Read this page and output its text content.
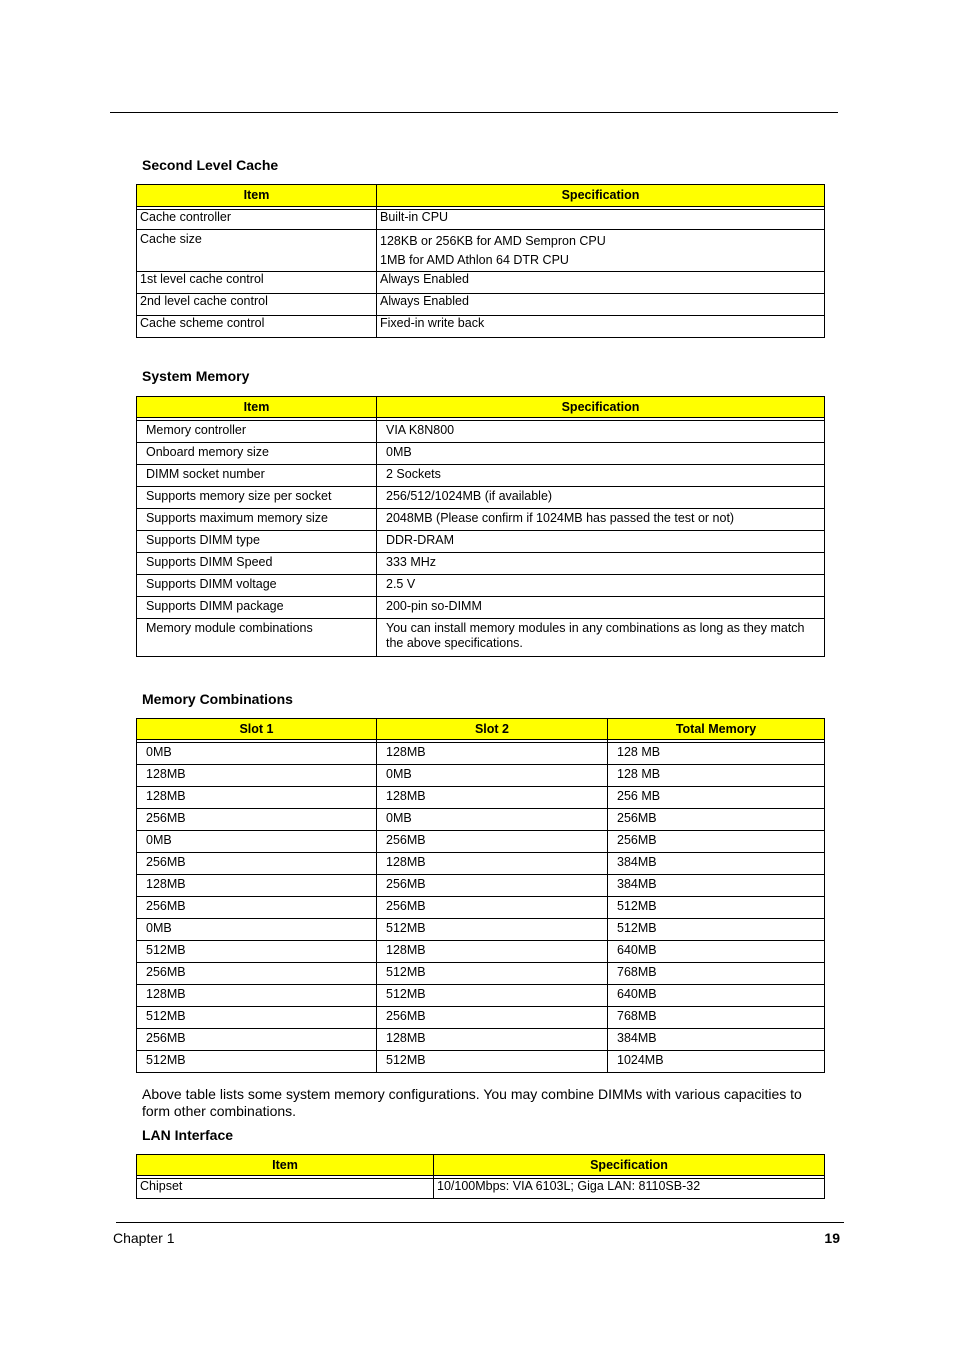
Second Level Cache
Item	Specification

Cache controller	Built-in CPU
Cache size	128KB or 256KB for AMD Sempron CPU
1MB for AMD Athlon 64 DTR CPU

1st level cache control	Always Enabled
2nd level cache control	Always Enabled
Cache scheme control	Fixed-in write back
System Memory
Item	Specification

Memory controller	VIA K8N800
Onboard memory size	0MB
DIMM socket number	2 Sockets
Supports memory size per socket	256/512/1024MB (if available)
Supports maximum memory size	2048MB (Please confirm if 1024MB has passed the test or not)
Supports DIMM type	DDR-DRAM
Supports DIMM Speed	333 MHz
Supports DIMM voltage	2.5 V
Supports DIMM package	200-pin so-DIMM
Memory module combinations	You can install memory modules in any combinations as long as they match the above specifications.
Memory Combinations
Slot 1	Slot 2	Total Memory

0MB	128MB	128 MB
128MB	0MB	128 MB
128MB	128MB	256 MB
256MB	0MB	256MB
0MB	256MB	256MB
256MB	128MB	384MB
128MB	256MB	384MB
256MB	256MB	512MB
0MB	512MB	512MB
512MB	128MB	640MB
256MB	512MB	768MB
128MB	512MB	640MB
512MB	256MB	768MB
256MB	128MB	384MB
512MB	512MB	1024MB

Above table lists some system memory configurations. You may combine DIMMs with various capacities to form other combinations.

LAN Interface
Item	Specification

Chipset	10/100Mbps: VIA 6103L; Giga LAN: 8110SB-32
Chapter 1	19
